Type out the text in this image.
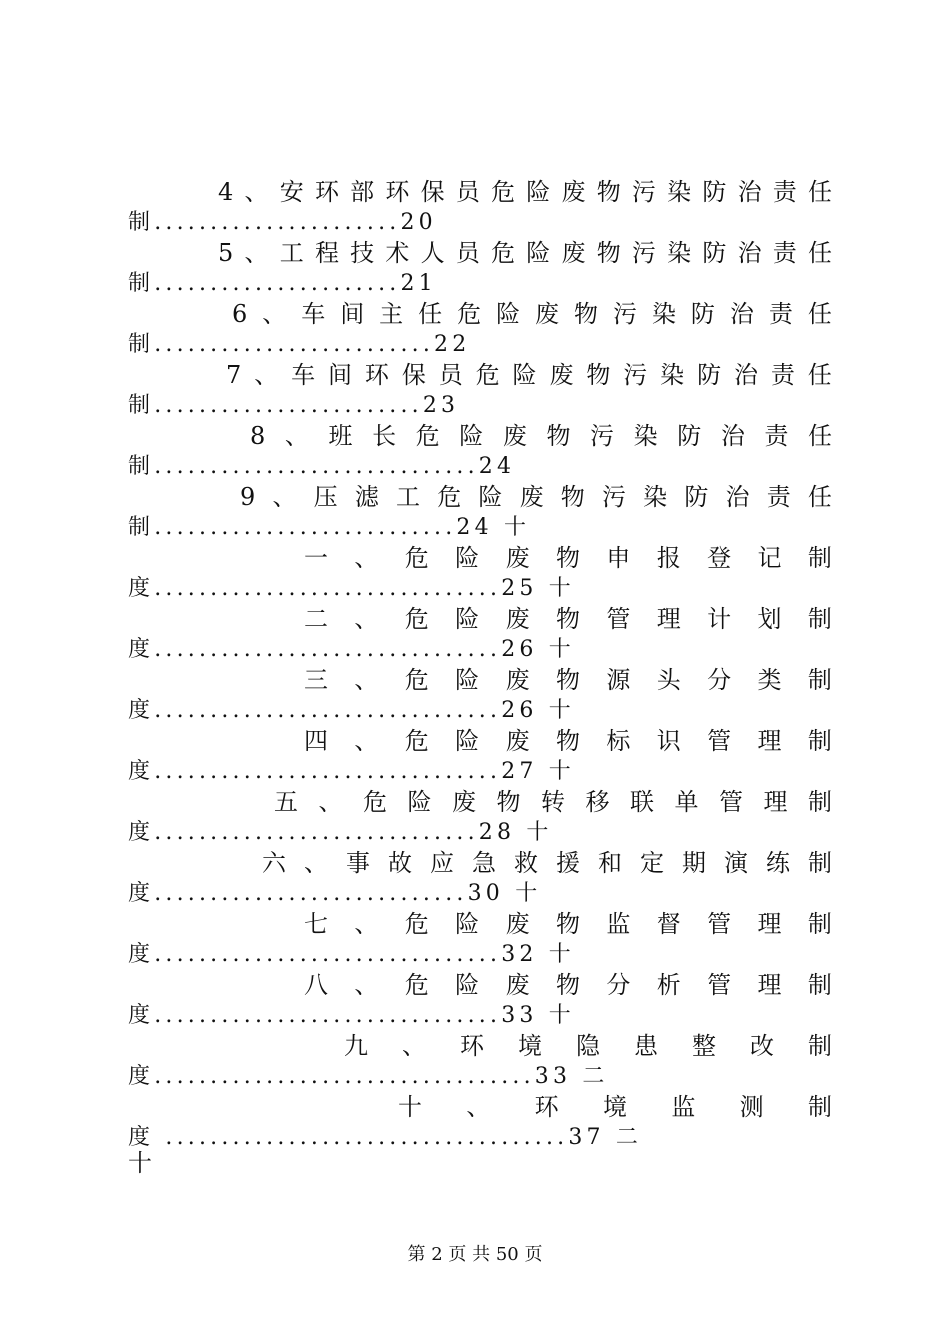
4 、 安 环 部 环 保 员 危 险 废 物 污 染 防 治 责 任
制......................20
5 、 工 程 技 术 人 员 危 险 废 物 污 染 防 治 责 任
制......................21
6 、 车 间 主 任 危 险 废 物 污 染 防 治 责 任
制.........................22
7 、 车 间 环 保 员 危 险 废 物 污 染 防 治 责 任
制........................23
8 、 班 长 危 险 废 物 污 染 防 治 责 任
制.............................24
9 、 压 滤 工 危 险 废 物 污 染 防 治 责 任
制...........................24 十
一 、 危 险 废 物 申 报 登 记 制
度...............................25 十
二 、 危 险 废 物 管 理 计 划 制
度...............................26 十
三 、 危 险 废 物 源 头 分 类 制
度...............................26 十
四 、 危 险 废 物 标 识 管 理 制
度...............................27 十
五 、 危 险 废 物 转 移 联 单 管 理 制
度.............................28 十
六 、 事 故 应 急 救 援 和 定 期 演 练 制
度............................30 十
七 、 危 险 废 物 监 督 管 理 制
度...............................32 十
八 、 危 险 废 物 分 析 管 理 制
度...............................33 十
九 、 环 境 隐 患 整 改 制
度..................................33 二
十 、 环 境 监 测 制
度 ....................................37 二
十
第 2 页 共 50 页
